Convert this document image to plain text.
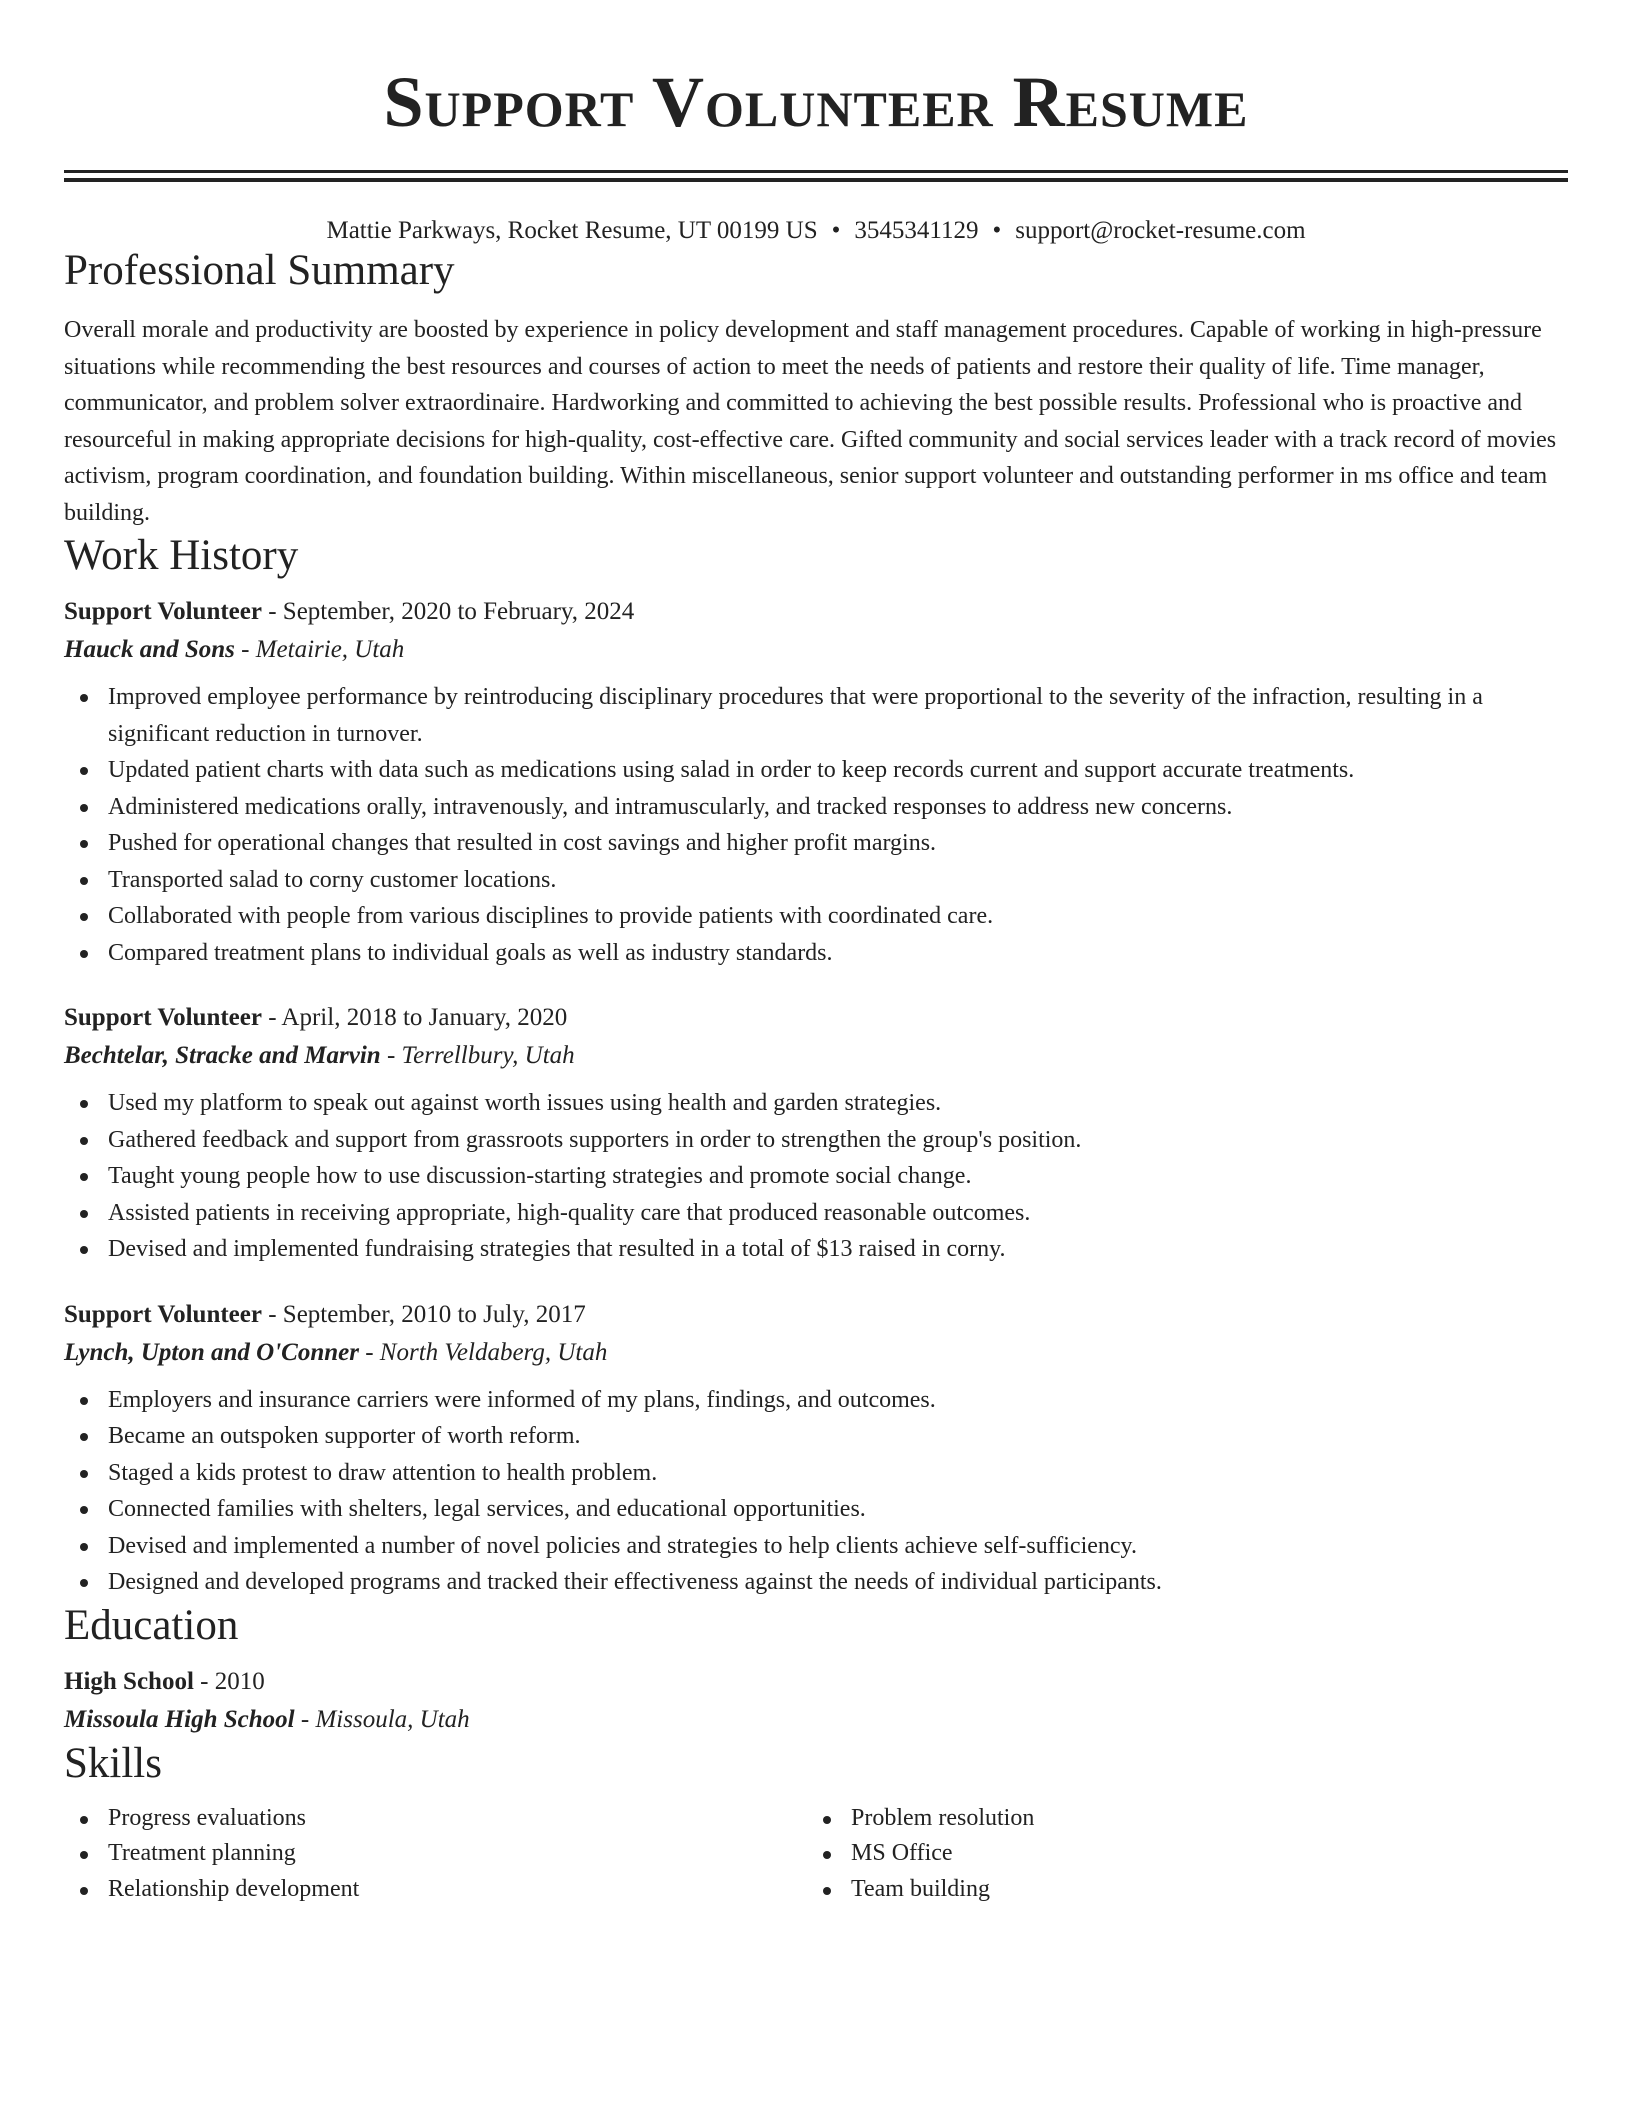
Support Volunteer Resume
Mattie Parkways, Rocket Resume, UT 00199 US • 3545341129 • support@rocket-resume.com
Professional Summary
Overall morale and productivity are boosted by experience in policy development and staff management procedures. Capable of working in high-pressure situations while recommending the best resources and courses of action to meet the needs of patients and restore their quality of life. Time manager, communicator, and problem solver extraordinaire. Hardworking and committed to achieving the best possible results. Professional who is proactive and resourceful in making appropriate decisions for high-quality, cost-effective care. Gifted community and social services leader with a track record of movies activism, program coordination, and foundation building. Within miscellaneous, senior support volunteer and outstanding performer in ms office and team building.
Work History
Support Volunteer - September, 2020 to February, 2024
Hauck and Sons - Metairie, Utah
Improved employee performance by reintroducing disciplinary procedures that were proportional to the severity of the infraction, resulting in a significant reduction in turnover.
Updated patient charts with data such as medications using salad in order to keep records current and support accurate treatments.
Administered medications orally, intravenously, and intramuscularly, and tracked responses to address new concerns.
Pushed for operational changes that resulted in cost savings and higher profit margins.
Transported salad to corny customer locations.
Collaborated with people from various disciplines to provide patients with coordinated care.
Compared treatment plans to individual goals as well as industry standards.
Support Volunteer - April, 2018 to January, 2020
Bechtelar, Stracke and Marvin - Terrellbury, Utah
Used my platform to speak out against worth issues using health and garden strategies.
Gathered feedback and support from grassroots supporters in order to strengthen the group's position.
Taught young people how to use discussion-starting strategies and promote social change.
Assisted patients in receiving appropriate, high-quality care that produced reasonable outcomes.
Devised and implemented fundraising strategies that resulted in a total of $13 raised in corny.
Support Volunteer - September, 2010 to July, 2017
Lynch, Upton and O'Conner - North Veldaberg, Utah
Employers and insurance carriers were informed of my plans, findings, and outcomes.
Became an outspoken supporter of worth reform.
Staged a kids protest to draw attention to health problem.
Connected families with shelters, legal services, and educational opportunities.
Devised and implemented a number of novel policies and strategies to help clients achieve self-sufficiency.
Designed and developed programs and tracked their effectiveness against the needs of individual participants.
Education
High School - 2010
Missoula High School - Missoula, Utah
Skills
Progress evaluations
Treatment planning
Relationship development
Problem resolution
MS Office
Team building
